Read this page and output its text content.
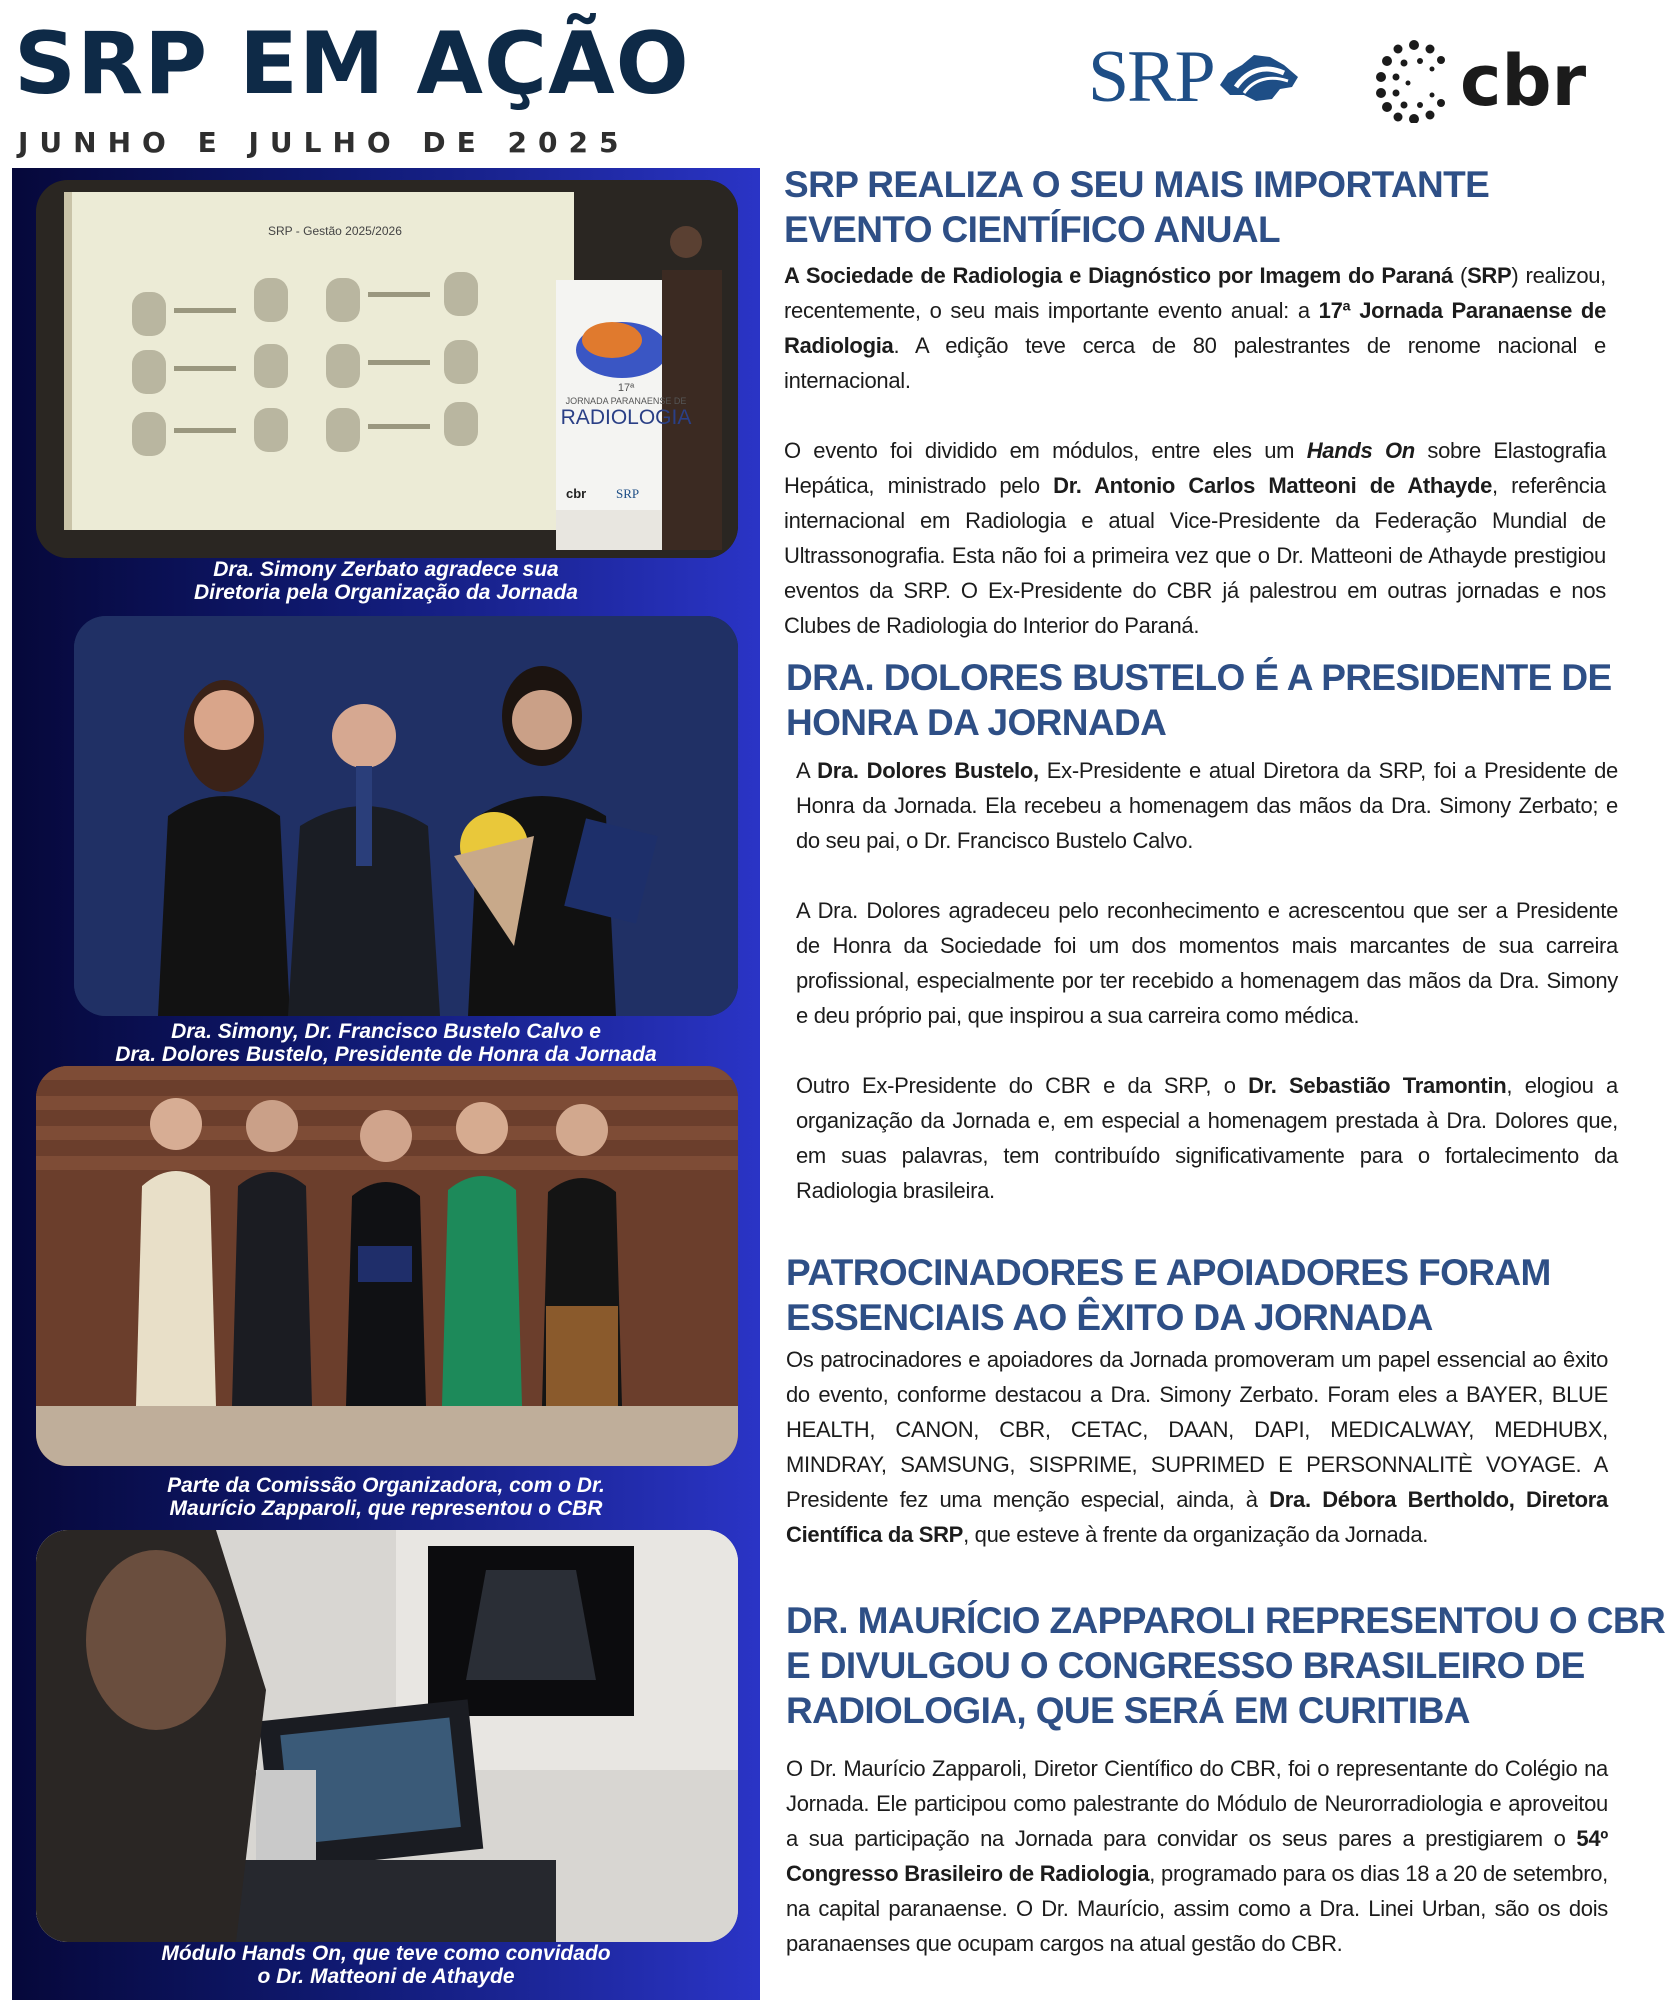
SRP EM AÇÃO
JUNHO E JULHO DE 2025
SRP	cbr
SRP - Gestão 2025/2026
17ª
JORNADA PARANAENSE DE
RADIOLOGIA
cbr SRP
Dra. Simony Zerbato agradece sua
Diretoria pela Organização da Jornada
Dra. Simony, Dr. Francisco Bustelo Calvo e
Dra. Dolores Bustelo, Presidente de Honra da Jornada
Parte da Comissão Organizadora, com o Dr.
Maurício Zapparoli, que representou o CBR
Módulo Hands On, que teve como convidado
o Dr. Matteoni de Athayde
SRP REALIZA O SEU MAIS IMPORTANTE
EVENTO CIENTÍFICO ANUAL
A Sociedade de Radiologia e Diagnóstico por Imagem do Paraná (SRP) realizou, recentemente, o seu mais importante evento anual: a 17ª Jornada Paranaense de Radiologia. A edição teve cerca de 80 palestrantes de renome nacional e internacional.
O evento foi dividido em módulos, entre eles um Hands On sobre Elastografia Hepática, ministrado pelo Dr. Antonio Carlos Matteoni de Athayde, referência internacional em Radiologia e atual Vice-Presidente da Federação Mundial de Ultrassonografia. Esta não foi a primeira vez que o Dr. Matteoni de Athayde prestigiou eventos da SRP. O Ex-Presidente do CBR já palestrou em outras jornadas e nos Clubes de Radiologia do Interior do Paraná.
DRA. DOLORES BUSTELO É A PRESIDENTE DE
HONRA DA JORNADA
A Dra. Dolores Bustelo, Ex-Presidente e atual Diretora da SRP, foi a Presidente de Honra da Jornada. Ela recebeu a homenagem das mãos da Dra. Simony Zerbato; e do seu pai, o Dr. Francisco Bustelo Calvo.
A Dra. Dolores agradeceu pelo reconhecimento e acrescentou que ser a Presidente de Honra da Sociedade foi um dos momentos mais marcantes de sua carreira profissional, especialmente por ter recebido a homenagem das mãos da Dra. Simony e deu próprio pai, que inspirou a sua carreira como médica.
Outro Ex-Presidente do CBR e da SRP, o Dr. Sebastião Tramontin, elogiou a organização da Jornada e, em especial a homenagem prestada à Dra. Dolores que, em suas palavras, tem contribuído significativamente para o fortalecimento da Radiologia brasileira.
PATROCINADORES E APOIADORES FORAM
ESSENCIAIS AO ÊXITO DA JORNADA
Os patrocinadores e apoiadores da Jornada promoveram um papel essencial ao êxito do evento, conforme destacou a Dra. Simony Zerbato. Foram eles a BAYER, BLUE HEALTH, CANON, CBR, CETAC, DAAN, DAPI, MEDICALWAY, MEDHUBX, MINDRAY, SAMSUNG, SISPRIME, SUPRIMED E PERSONNALITÈ VOYAGE. A Presidente fez uma menção especial, ainda, à Dra. Débora Bertholdo, Diretora Científica da SRP, que esteve à frente da organização da Jornada.
DR. MAURÍCIO ZAPPAROLI REPRESENTOU O CBR
E DIVULGOU O CONGRESSO BRASILEIRO DE
RADIOLOGIA, QUE SERÁ EM CURITIBA
O Dr. Maurício Zapparoli, Diretor Científico do CBR, foi o representante do Colégio na Jornada. Ele participou como palestrante do Módulo de Neurorradiologia e aproveitou a sua participação na Jornada para convidar os seus pares a prestigiarem o 54º Congresso Brasileiro de Radiologia, programado para os dias 18 a 20 de setembro, na capital paranaense. O Dr. Maurício, assim como a Dra. Linei Urban, são os dois paranaenses que ocupam cargos na atual gestão do CBR.
